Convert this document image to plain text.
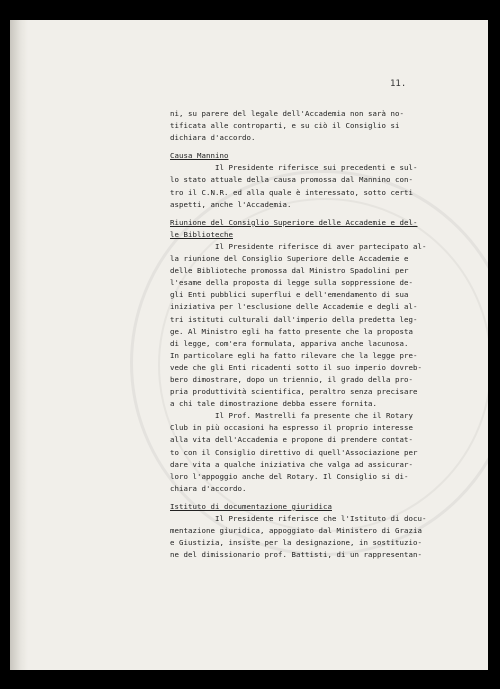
11.

ni, su parere del legale dell'Accademia non sarà no-

tificata alle controparti, e su ciò il Consiglio si

dichiara d'accordo.

Causa Mannino

Il Presidente riferisce sui precedenti e sul-

lo stato attuale della causa promossa dal Mannino con-

tro il C.N.R. ed alla quale è interessato, sotto certi

aspetti, anche l'Accademia.

Riunione del Consiglio Superiore delle Accademie e del-

le Biblioteche

Il Presidente riferisce di aver partecipato al-

la riunione del Consiglio Superiore delle Accademie e

delle Biblioteche promossa dal Ministro Spadolini per

l'esame della proposta di legge sulla soppressione de-

gli Enti pubblici superflui e dell'emendamento di sua

iniziativa per l'esclusione delle Accademie e degli al-

tri istituti culturali dall'imperio della predetta leg-

ge. Al Ministro egli ha fatto presente che la proposta

di legge, com'era formulata, appariva anche lacunosa.

In particolare egli ha fatto rilevare che la legge pre-

vede che gli Enti ricadenti sotto il suo imperio dovreb-

bero dimostrare, dopo un triennio, il grado della pro-

pria produttività scientifica, peraltro senza precisare

a chi tale dimostrazione debba essere fornita.

Il Prof. Mastrelli fa presente che il Rotary

Club in più occasioni ha espresso il proprio interesse

alla vita dell'Accademia e propone di prendere contat-

to con il Consiglio direttivo di quell'Associazione per

dare vita a qualche iniziativa che valga ad assicurar-

loro l'appoggio anche del Rotary. Il Consiglio si di-

chiara d'accordo.

Istituto di documentazione giuridica

Il Presidente riferisce che l'Istituto di docu-

mentazione giuridica, appoggiato dal Ministero di Grazia

e Giustizia, insiste per la designazione, in sostituzio-

ne del dimissionario prof. Battisti, di un rappresentan-
